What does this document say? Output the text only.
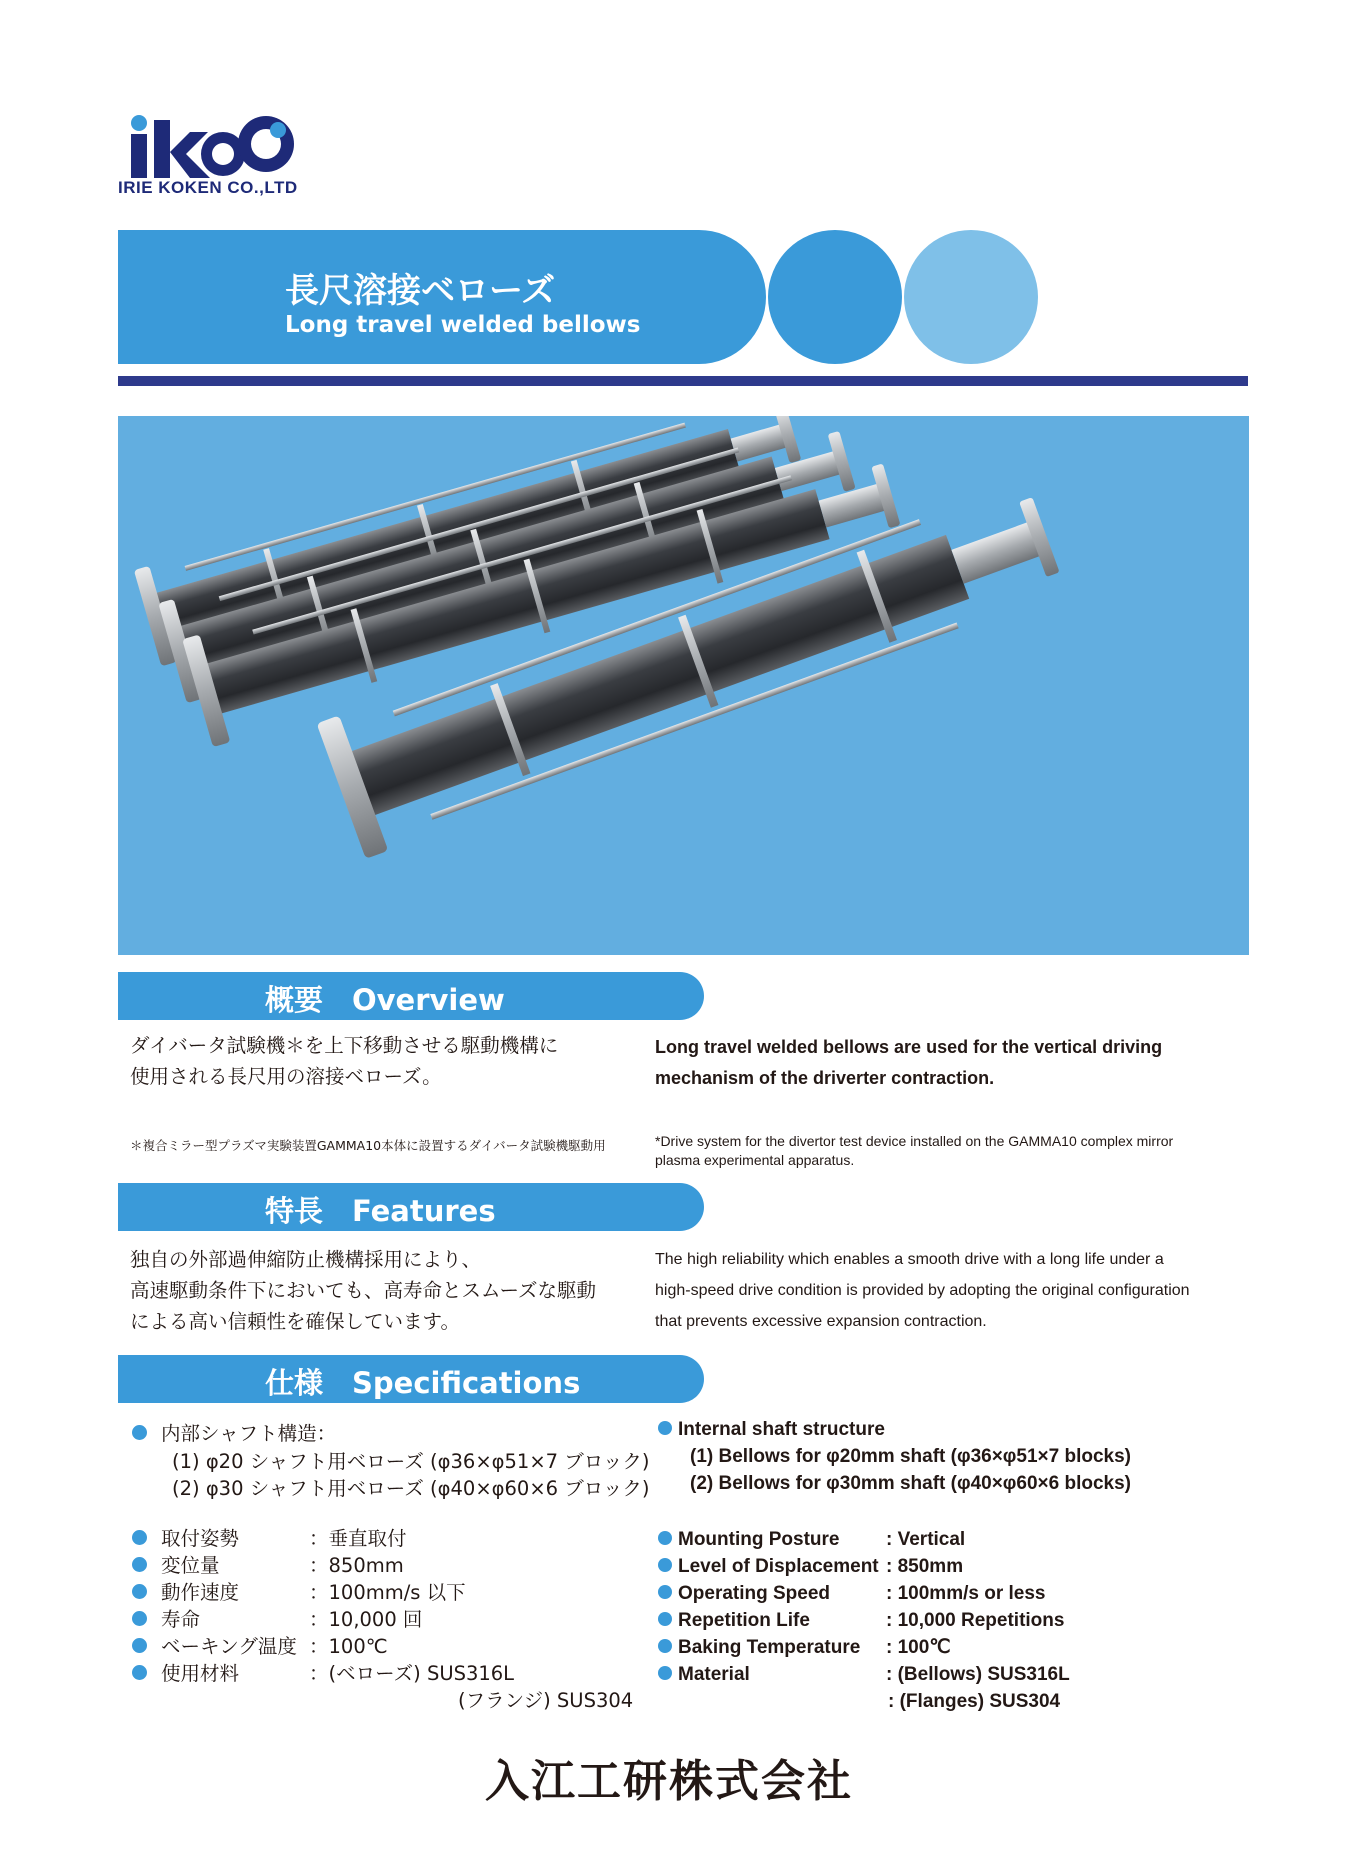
IRIE KOKEN CO.,LTD
長尺溶接ベローズ
Long travel welded bellows
概要　Overview
ダイバータ試験機＊を上下移動させる駆動機構に
使用される長尺用の溶接ベローズ。
Long travel welded bellows are used for the vertical driving
mechanism of the driverter contraction.
＊複合ミラー型プラズマ実験装置GAMMA10本体に設置するダイバータ試験機駆動用	*Drive system for the divertor test device installed on the GAMMA10 complex mirror
plasma experimental apparatus.
特長　Features
独自の外部過伸縮防止機構採用により、
高速駆動条件下においても、高寿命とスムーズな駆動
による高い信頼性を確保しています。
The high reliability which enables a smooth drive with a long life under a
high-speed drive condition is provided by adopting the original configuration
that prevents excessive expansion contraction.
仕様　Specifications
内部シャフト構造：
(1) φ20 シャフト用ベローズ (φ36×φ51×7 ブロック)
(2) φ30 シャフト用ベローズ (φ40×φ60×6 ブロック)
Internal shaft structure
(1) Bellows for φ20mm shaft (φ36×φ51×7 blocks)
(2) Bellows for φ30mm shaft (φ40×φ60×6 blocks)
取付姿勢	：垂直取付
変位量	：850mm
動作速度	：100mm/s 以下
寿命	：10,000 回
ベーキング温度 ：100℃
使用材料	：(ベローズ) SUS316L
(フランジ) SUS304
Mounting Posture : Vertical
Level of Displacement : 850mm
Operating Speed	: 100mm/s or less
Repetition Life	: 10,000 Repetitions
Baking Temperature : 100℃
Material	: (Bellows) SUS316L
: (Flanges) SUS304
入江工研株式会社
